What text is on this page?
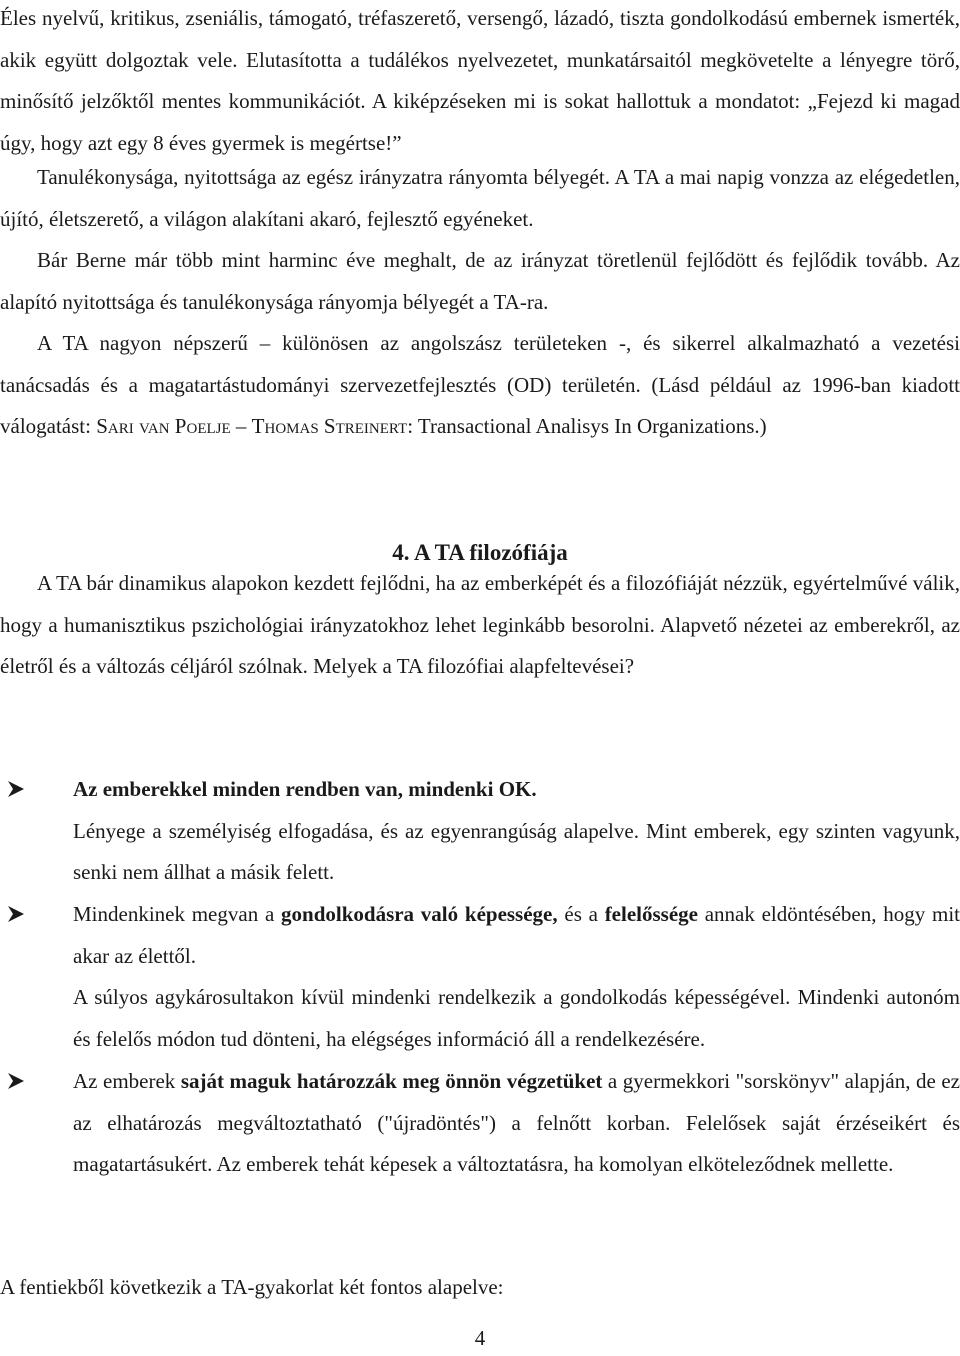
Éles nyelvű, kritikus, zseniális, támogató, tréfaszerető, versengő, lázadó, tiszta gondolkodású embernek ismerték, akik együtt dolgoztak vele. Elutasította a tudálékos nyelvezetet, munkatársaitól megkövetelte a lényegre törő, minősítő jelzőktől mentes kommunikációt. A kiképzéseken mi is sokat hallottuk a mondatot: „Fejezd ki magad úgy, hogy azt egy 8 éves gyermek is megértse!”

Tanulékonysága, nyitottsága az egész irányzatra rányomta bélyegét. A TA a mai napig vonzza az elégedetlen, újító, életszerető, a világon alakítani akaró, fejlesztő egyéneket.

Bár Berne már több mint harminc éve meghalt, de az irányzat töretlenül fejlődött és fejlődik tovább. Az alapító nyitottsága és tanulékonysága rányomja bélyegét a TA-ra.

A TA nagyon népszerű – különösen az angolszász területeken -, és sikerrel alkalmazható a vezetési tanácsadás és a magatartástudományi szervezetfejlesztés (OD) területén. (Lásd például az 1996-ban kiadott válogatást: Sari van Poelje – Thomas Streinert: Transactional Analisys In Organizations.)

4. A TA filozófiája

A TA bár dinamikus alapokon kezdett fejlődni, ha az emberképét és a filozófiáját nézzük, egyértelművé válik, hogy a humanisztikus pszichológiai irányzatokhoz lehet leginkább besorolni. Alapvető nézetei az emberekről, az életről és a változás céljáról szólnak. Melyek a TA filozófiai alapfeltevései?

Az emberekkel minden rendben van, mindenki OK.
Lényege a személyiség elfogadása, és az egyenrangúság alapelve. Mint emberek, egy szinten vagyunk, senki nem állhat a másik felett.
Mindenkinek megvan a gondolkodásra való képessége, és a felelőssége annak eldöntésében, hogy mit akar az élettől.
A súlyos agykárosultakon kívül mindenki rendelkezik a gondolkodás képességével. Mindenki autonóm és felelős módon tud dönteni, ha elégséges információ áll a rendelkezésére.
Az emberek saját maguk határozzák meg önnön végzetüket a gyermekkori "sorskönyv" alapján, de ez az elhatározás megváltoztatható ("újradöntés") a felnőtt korban. Felelősek saját érzéseikért és magatartásukért. Az emberek tehát képesek a változtatásra, ha komolyan elköteleződnek mellette.

A fentiekből következik a TA-gyakorlat két fontos alapelve:

4
